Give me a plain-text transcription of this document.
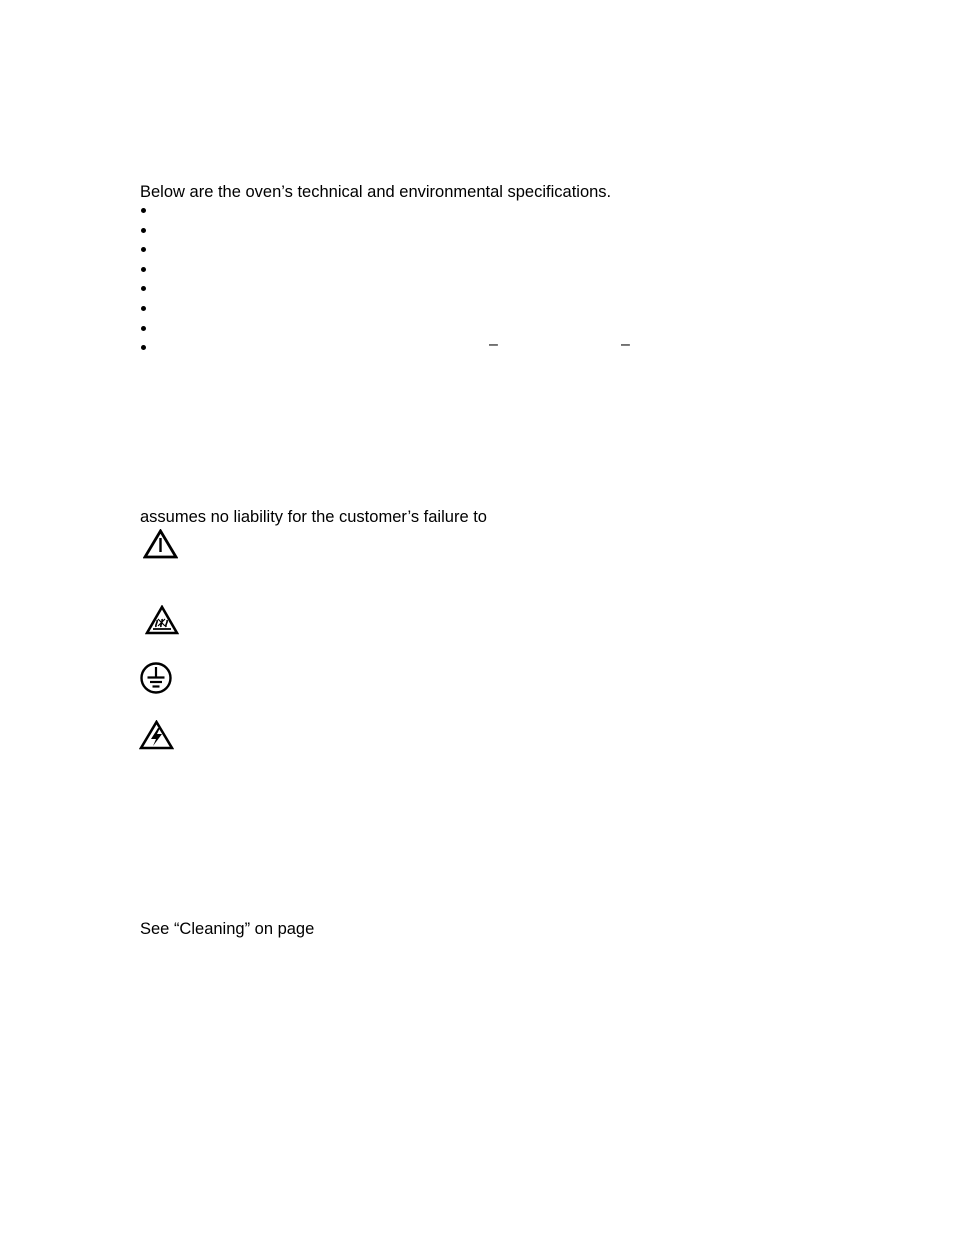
Below are the oven’s technical and environmental specifications.
–	–
assumes no liability for the customer’s failure to
See “Cleaning” on page
